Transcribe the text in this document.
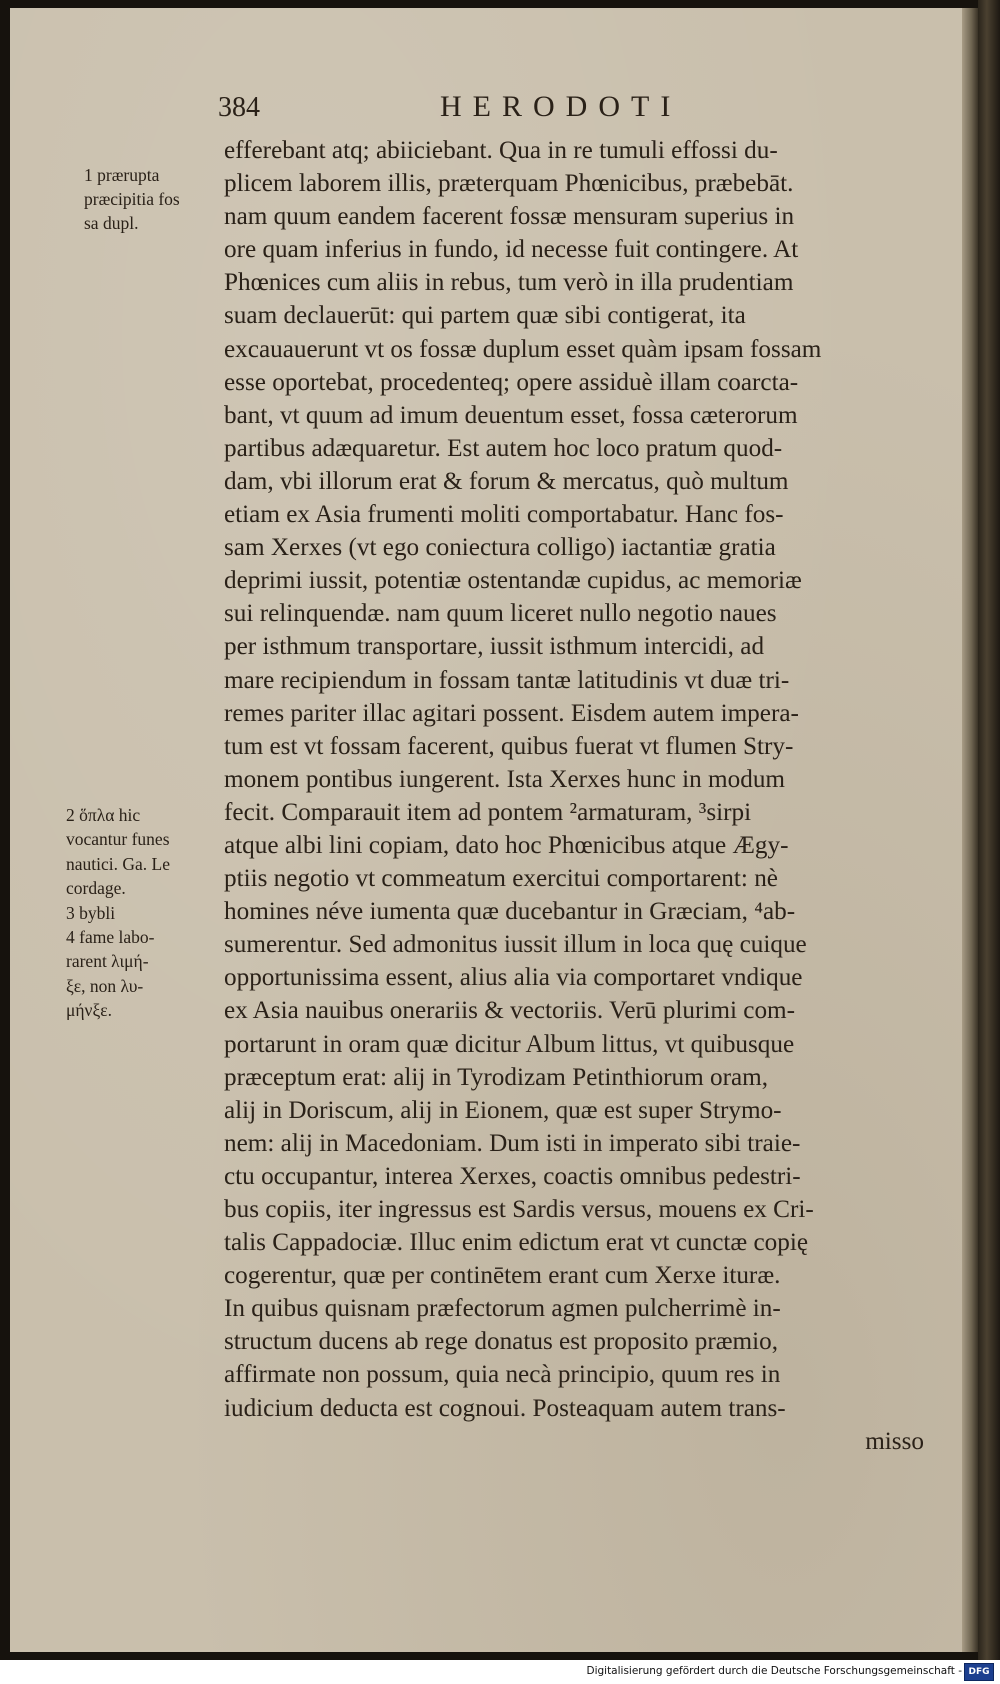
384	HERODOTI
1 prærupta
præcipitia fos
sa dupl.
2 ὅπλα hic
vocantur funes
nautici. Ga. Le
cordage.
3 bybli
4 fame labo-
rarent λιμή-
ξε, non λυ-
μήνξε.
efferebant atq; abiiciebant. Qua in re tumuli effossi du-
plicem laborem illis, præterquam Phœnicibus, præbebāt.
nam quum eandem facerent fossæ mensuram superius in
ore quam inferius in fundo, id necesse fuit contingere. At
Phœnices cum aliis in rebus, tum verò in illa prudentiam
suam declauerūt: qui partem quæ sibi contigerat, ita
excauauerunt vt os fossæ duplum esset quàm ipsam fossam
esse oportebat, procedenteq; opere assiduè illam coarcta-
bant, vt quum ad imum deuentum esset, fossa cæterorum
partibus adæquaretur. Est autem hoc loco pratum quod-
dam, vbi illorum erat & forum & mercatus, quò multum
etiam ex Asia frumenti moliti comportabatur. Hanc fos-
sam Xerxes (vt ego coniectura colligo) iactantiæ gratia
deprimi iussit, potentiæ ostentandæ cupidus, ac memoriæ
sui relinquendæ. nam quum liceret nullo negotio naues
per isthmum transportare, iussit isthmum intercidi, ad
mare recipiendum in fossam tantæ latitudinis vt duæ tri-
remes pariter illac agitari possent. Eisdem autem impera-
tum est vt fossam facerent, quibus fuerat vt flumen Stry-
monem pontibus iungerent. Ista Xerxes hunc in modum
fecit. Comparauit item ad pontem ²armaturam, ³sirpi
atque albi lini copiam, dato hoc Phœnicibus atque Ægy-
ptiis negotio vt commeatum exercitui comportarent: nè
homines néve iumenta quæ ducebantur in Græciam, ⁴ab-
sumerentur. Sed admonitus iussit illum in loca quę cuique
opportunissima essent, alius alia via comportaret vndique
ex Asia nauibus onerariis & vectoriis. Verū plurimi com-
portarunt in oram quæ dicitur Album littus, vt quibusque
præceptum erat: alij in Tyrodizam Petinthiorum oram,
alij in Doriscum, alij in Eionem, quæ est super Strymo-
nem: alij in Macedoniam. Dum isti in imperato sibi traie-
ctu occupantur, interea Xerxes, coactis omnibus pedestri-
bus copiis, iter ingressus est Sardis versus, mouens ex Cri-
talis Cappadociæ. Illuc enim edictum erat vt cunctæ copię
cogerentur, quæ per continētem erant cum Xerxe ituræ.
In quibus quisnam præfectorum agmen pulcherrimè in-
structum ducens ab rege donatus est proposito præmio,
affirmate non possum, quia necà principio, quum res in
iudicium deducta est cognoui. Posteaquam autem trans-
misso
Digitalisierung gefördert durch die Deutsche Forschungsgemeinschaft - DFG
